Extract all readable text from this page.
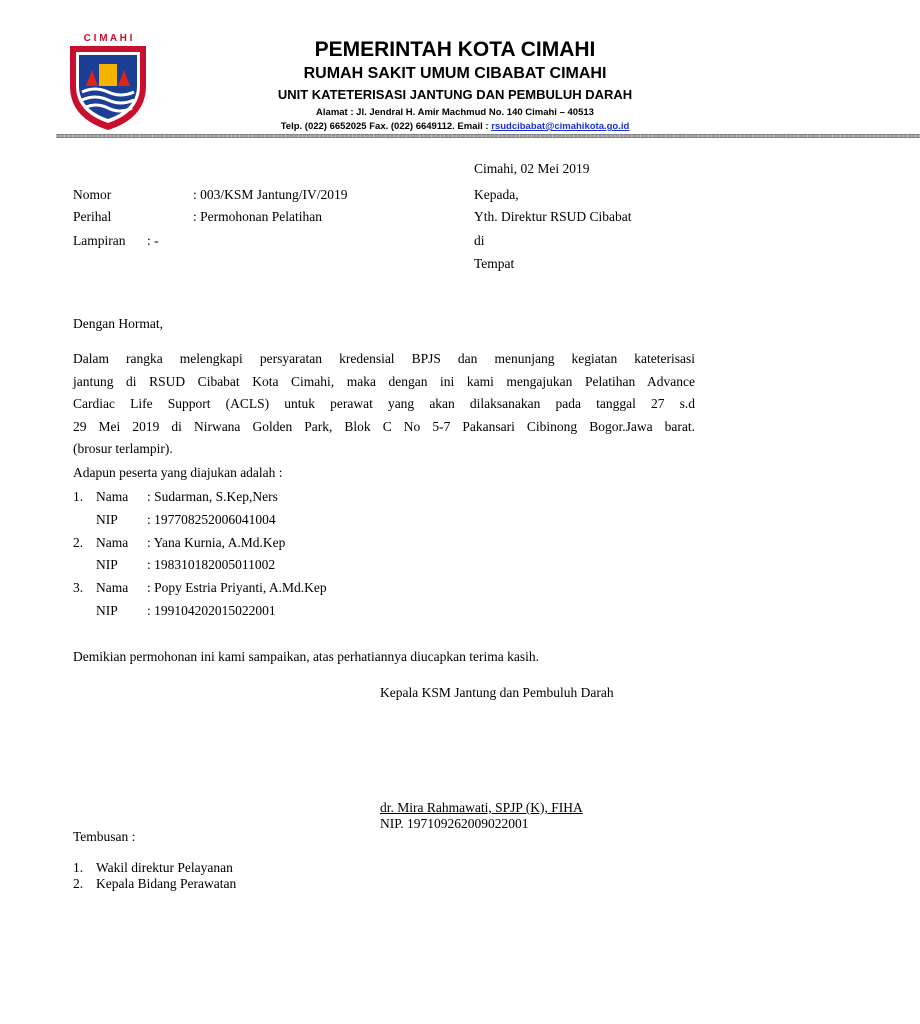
C I M A H I	PEMERINTAH KOTA CIMAHI
RUMAH SAKIT UMUM CIBABAT CIMAHI
UNIT KATETERISASI JANTUNG DAN PEMBULUH DARAH
Alamat : Jl. Jendral H. Amir Machmud No. 140 Cimahi – 40513
Telp. (022) 6652025 Fax. (022) 6649112. Email : rsudcibabat@cimahikota.go.id
===============================================================================================================================================================================================================
Cimahi, 02 Mei 2019
Nomor	: 003/KSM Jantung/IV/2019
Perihal	: Permohonan Pelatihan
Lampiran : -
Kepada,
Yth. Direktur RSUD Cibabat
di
Tempat
Dengan Hormat,
Dalam rangka melengkapi persyaratan kredensial BPJS dan menunjang kegiatan kateterisasi
jantung di RSUD Cibabat Kota Cimahi, maka dengan ini kami mengajukan Pelatihan Advance
Cardiac Life Support (ACLS) untuk perawat yang akan dilaksanakan pada tanggal 27 s.d
29 Mei 2019 di Nirwana Golden Park, Blok C No 5-7 Pakansari Cibinong Bogor.Jawa barat.
(brosur terlampir).
Adapun peserta yang diajukan adalah :
1. Nama : Sudarman, S.Kep,Ners
NIP : 197708252006041004
2. Nama : Yana Kurnia, A.Md.Kep
NIP : 198310182005011002
3. Nama : Popy Estria Priyanti, A.Md.Kep
NIP : 199104202015022001
Demikian permohonan ini kami sampaikan, atas perhatiannya diucapkan terima kasih.
Kepala KSM Jantung dan Pembuluh Darah
dr. Mira Rahmawati, SPJP (K), FIHA
NIP. 197109262009022001
Tembusan :
1. Wakil direktur Pelayanan
2. Kepala Bidang Perawatan
